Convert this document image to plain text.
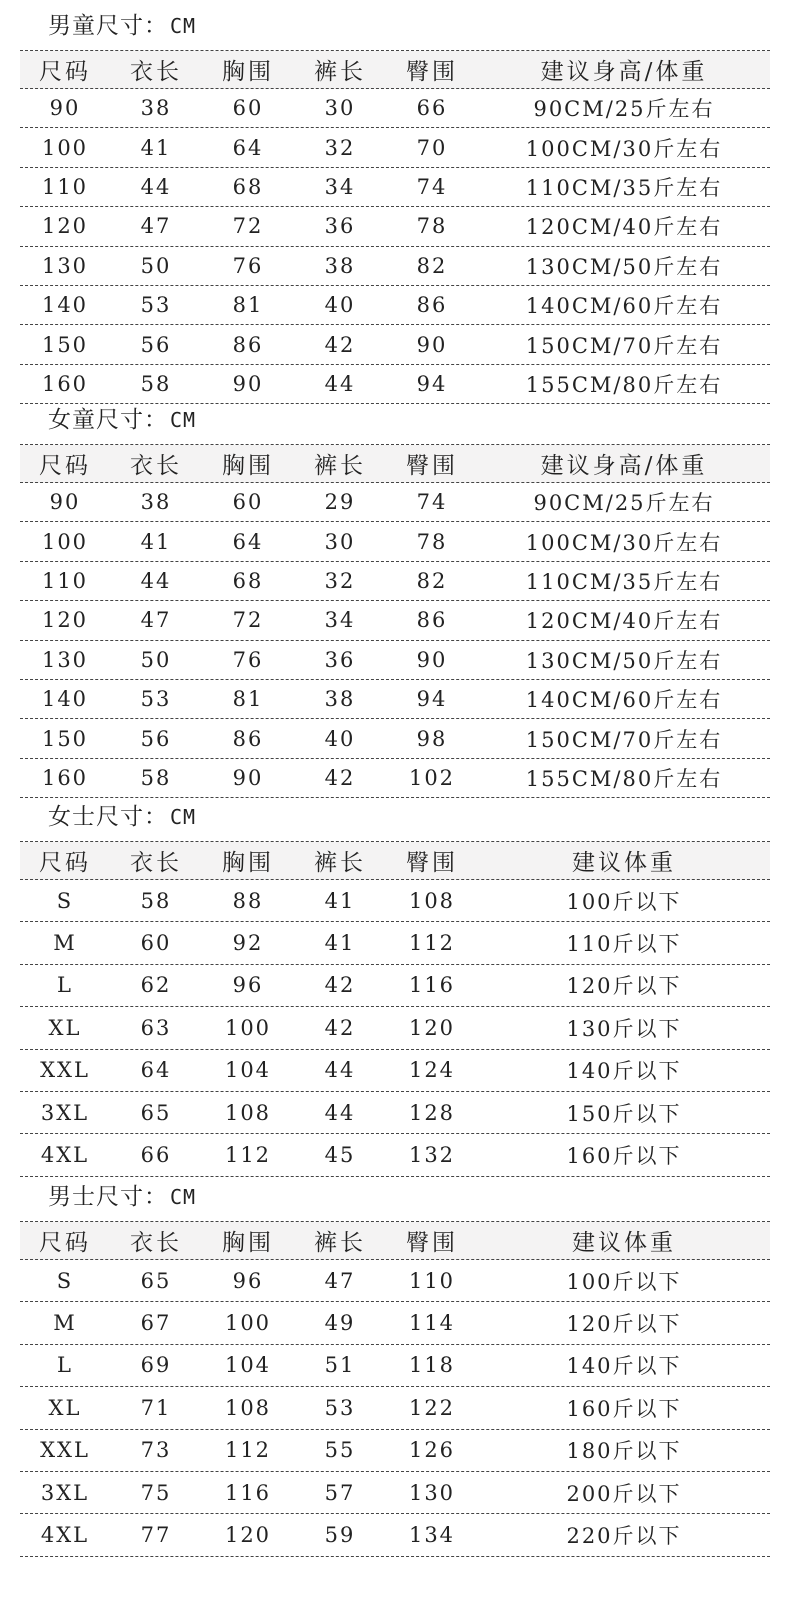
男童尺寸： CM
尺码	衣长	胸围	裤长	臀围	建议身高/体重
90	38	60	30	66	90CM/25斤左右
100	41	64	32	70	100CM/30斤左右
110	44	68	34	74	110CM/35斤左右
120	47	72	36	78	120CM/40斤左右
130	50	76	38	82	130CM/50斤左右
140	53	81	40	86	140CM/60斤左右
150	56	86	42	90	150CM/70斤左右
160	58	90	44	94	155CM/80斤左右
女童尺寸： CM
尺码	衣长	胸围	裤长	臀围	建议身高/体重
90	38	60	29	74	90CM/25斤左右
100	41	64	30	78	100CM/30斤左右
110	44	68	32	82	110CM/35斤左右
120	47	72	34	86	120CM/40斤左右
130	50	76	36	90	130CM/50斤左右
140	53	81	38	94	140CM/60斤左右
150	56	86	40	98	150CM/70斤左右
160	58	90	42	102	155CM/80斤左右
女士尺寸： CM
尺码	衣长	胸围	裤长	臀围	建议体重
S	58	88	41	108	100斤以下
M	60	92	41	112	110斤以下
L	62	96	42	116	120斤以下
XL	63	100	42	120	130斤以下
XXL	64	104	44	124	140斤以下
3XL	65	108	44	128	150斤以下
4XL	66	112	45	132	160斤以下
男士尺寸： CM
尺码	衣长	胸围	裤长	臀围	建议体重
S	65	96	47	110	100斤以下
M	67	100	49	114	120斤以下
L	69	104	51	118	140斤以下
XL	71	108	53	122	160斤以下
XXL	73	112	55	126	180斤以下
3XL	75	116	57	130	200斤以下
4XL	77	120	59	134	220斤以下
